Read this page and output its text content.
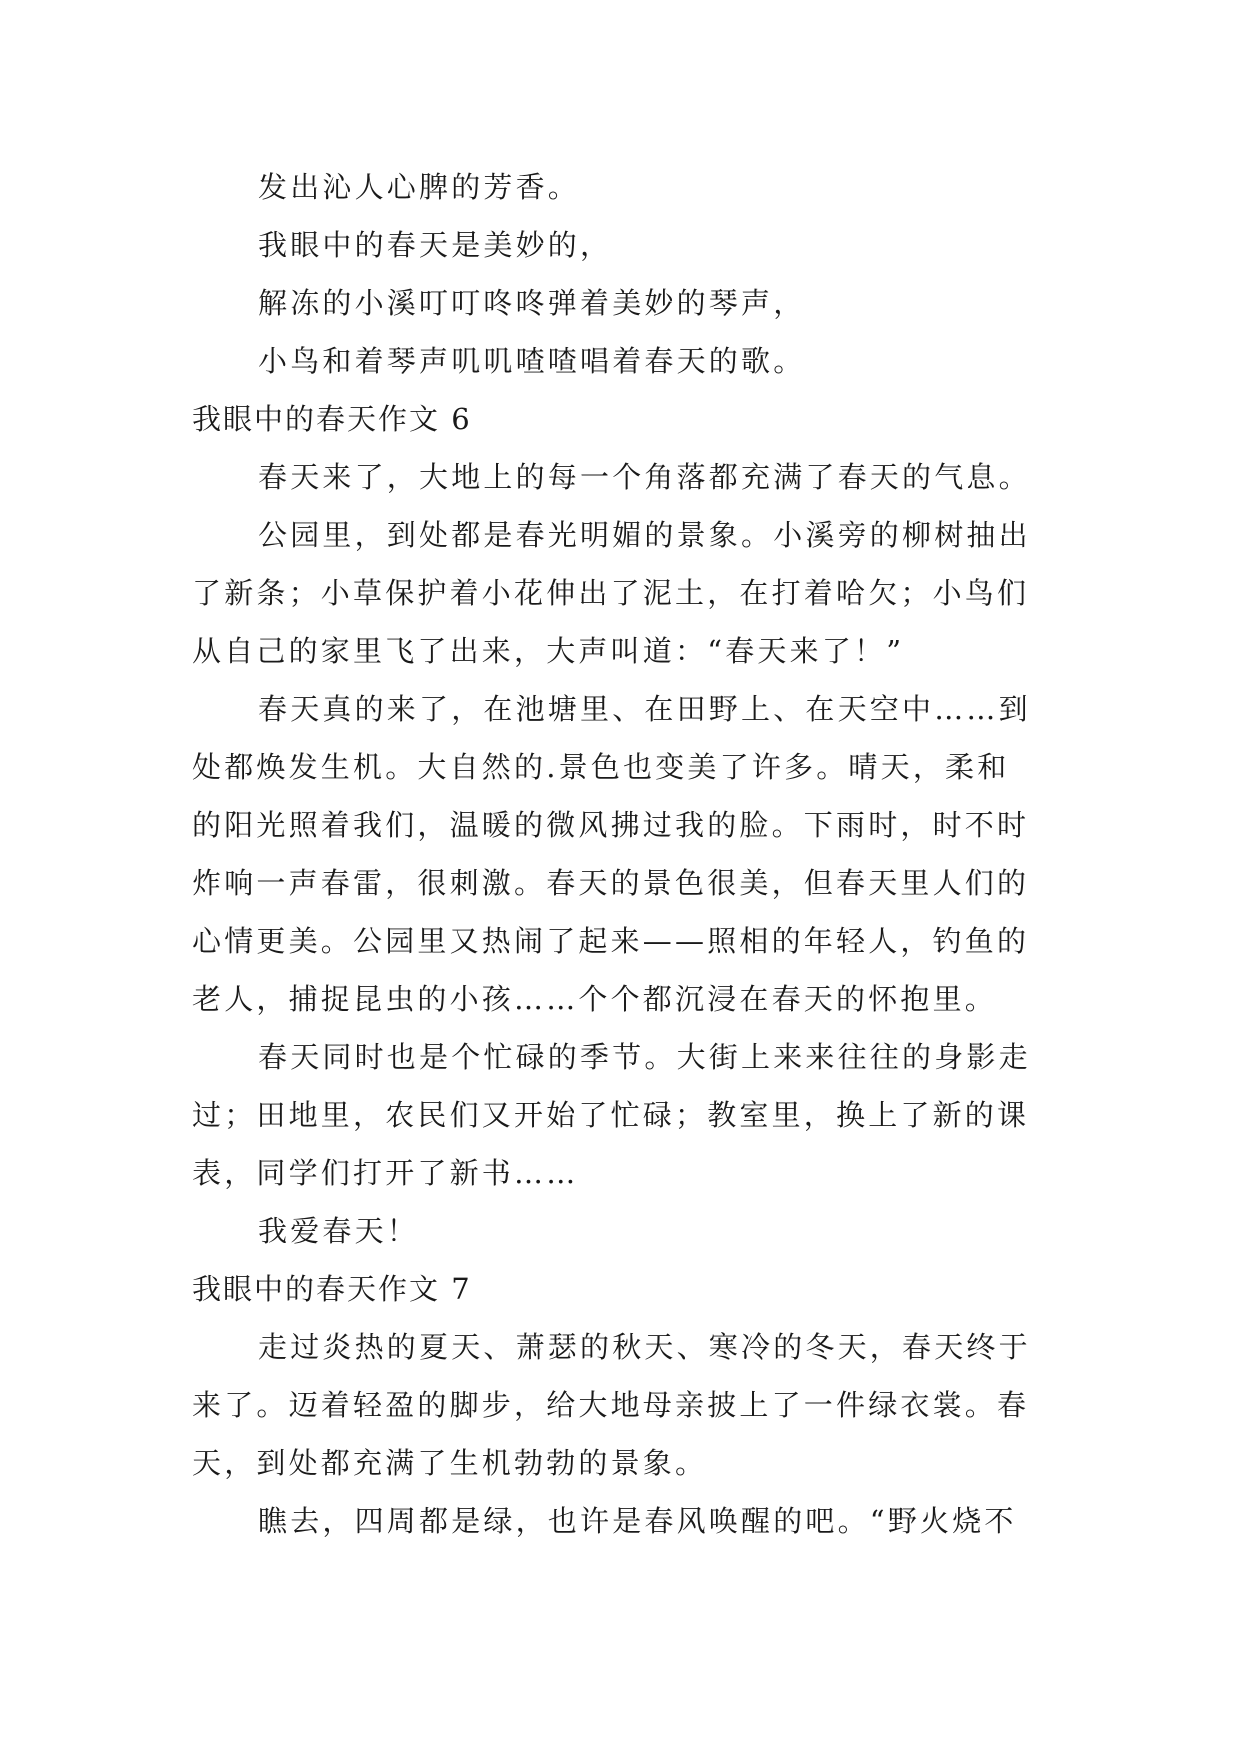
发出沁人心脾的芳香。
我眼中的春天是美妙的，
解冻的小溪叮叮咚咚弹着美妙的琴声，
小鸟和着琴声叽叽喳喳唱着春天的歌。
我眼中的春天作文 6
春天来了，大地上的每一个角落都充满了春天的气息。
公园里，到处都是春光明媚的景象。小溪旁的柳树抽出
了新条；小草保护着小花伸出了泥土，在打着哈欠；小鸟们
从自己的家里飞了出来，大声叫道：“春天来了！”
春天真的来了，在池塘里、在田野上、在天空中……到
处都焕发生机。大自然的.景色也变美了许多。晴天，柔和
的阳光照着我们，温暖的微风拂过我的脸。下雨时，时不时
炸响一声春雷，很刺激。春天的景色很美，但春天里人们的
心情更美。公园里又热闹了起来——照相的年轻人，钓鱼的
老人，捕捉昆虫的小孩……个个都沉浸在春天的怀抱里。
春天同时也是个忙碌的季节。大街上来来往往的身影走
过；田地里，农民们又开始了忙碌；教室里，换上了新的课
表，同学们打开了新书……
我爱春天！
我眼中的春天作文 7
走过炎热的夏天、萧瑟的秋天、寒冷的冬天，春天终于
来了。迈着轻盈的脚步，给大地母亲披上了一件绿衣裳。春
天，到处都充满了生机勃勃的景象。
瞧去，四周都是绿，也许是春风唤醒的吧。“野火烧不
